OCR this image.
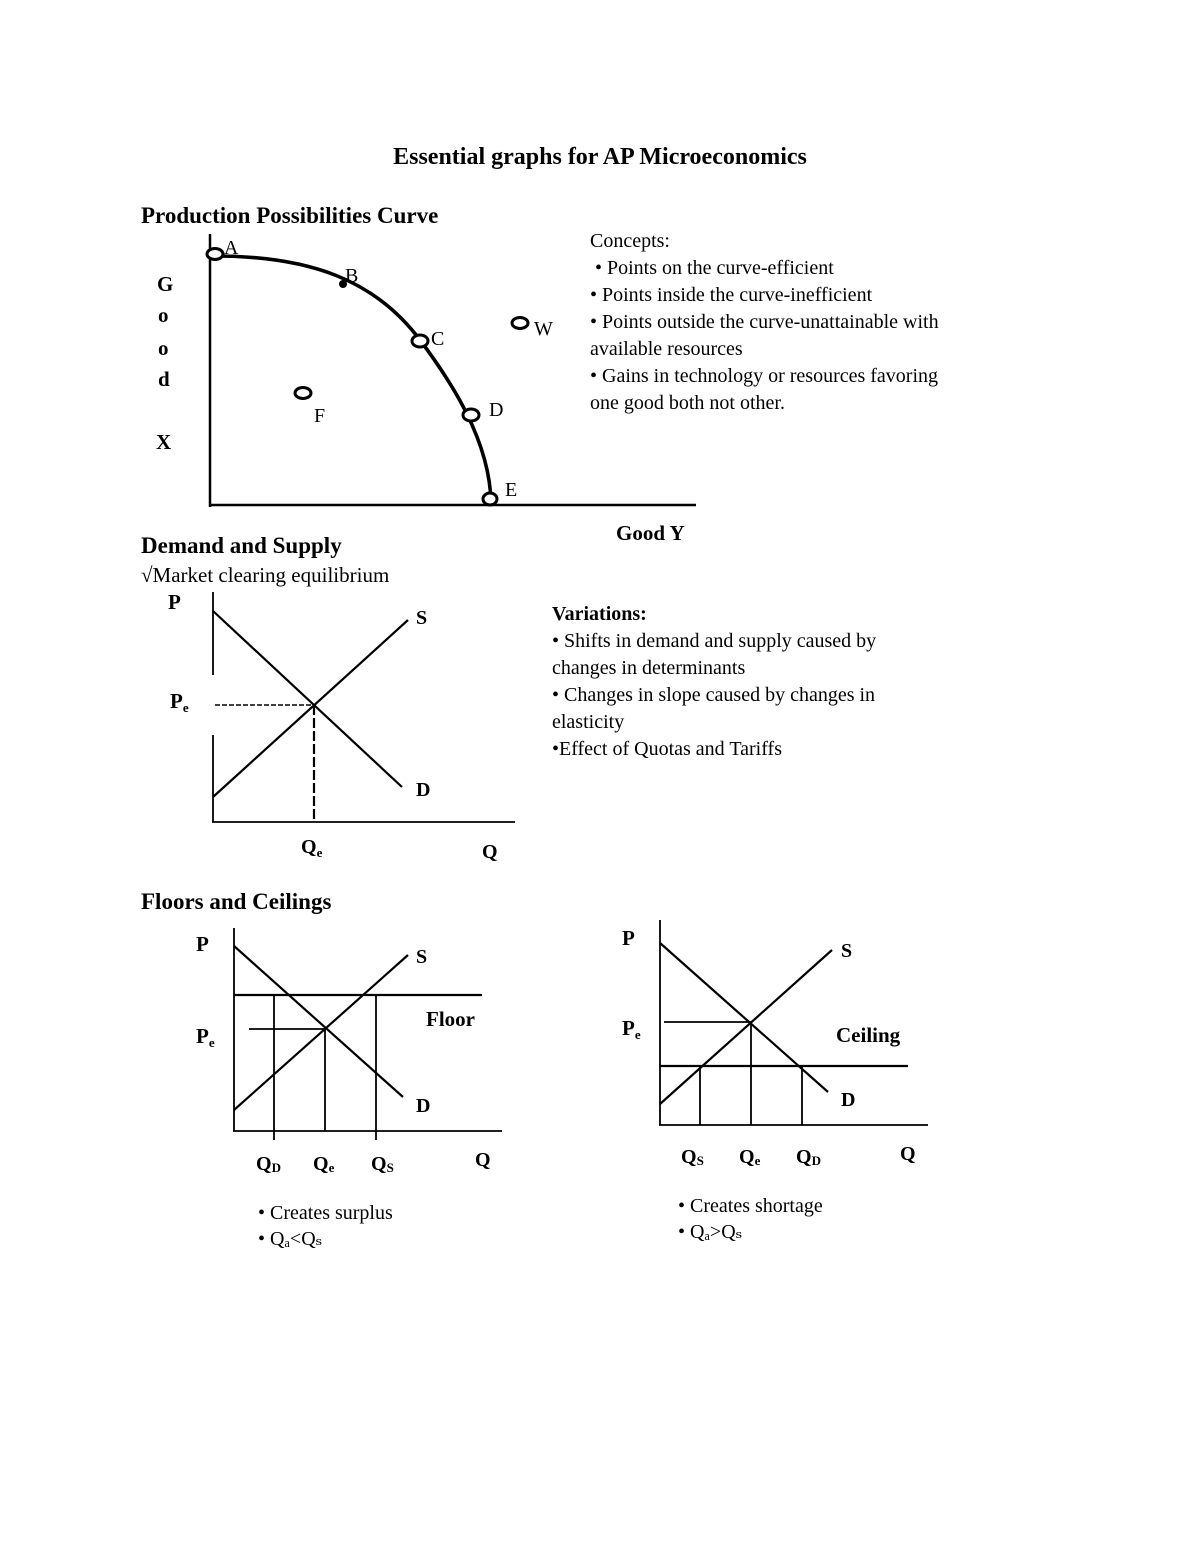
Essential graphs for AP Microeconomics
Production Possibilities Curve
A
B
C
D
E
F
W
G
o
o
d
X
Good Y
Concepts:
• Points on the curve-efficient
• Points inside the curve-inefficient
• Points outside the curve-unattainable with
available resources
• Gains in technology or resources favoring
one good both not other.
Demand and Supply
√Market clearing equilibrium
P
Pe
S
D
$Q_e$	Q
Variations:
• Shifts in demand and supply caused by
changes in determinants
• Changes in slope caused by changes in
elasticity
•Effect of Quotas and Tariffs
Floors and Ceilings
P
Pe
S
D
Floor
QD Qe QS	Q
• Creates surplus
• Qₐ<Qₛ
P
Pe
S
D
Ceiling
QS Qe QD	Q
• Creates shortage
• Qₐ>Qₛ
